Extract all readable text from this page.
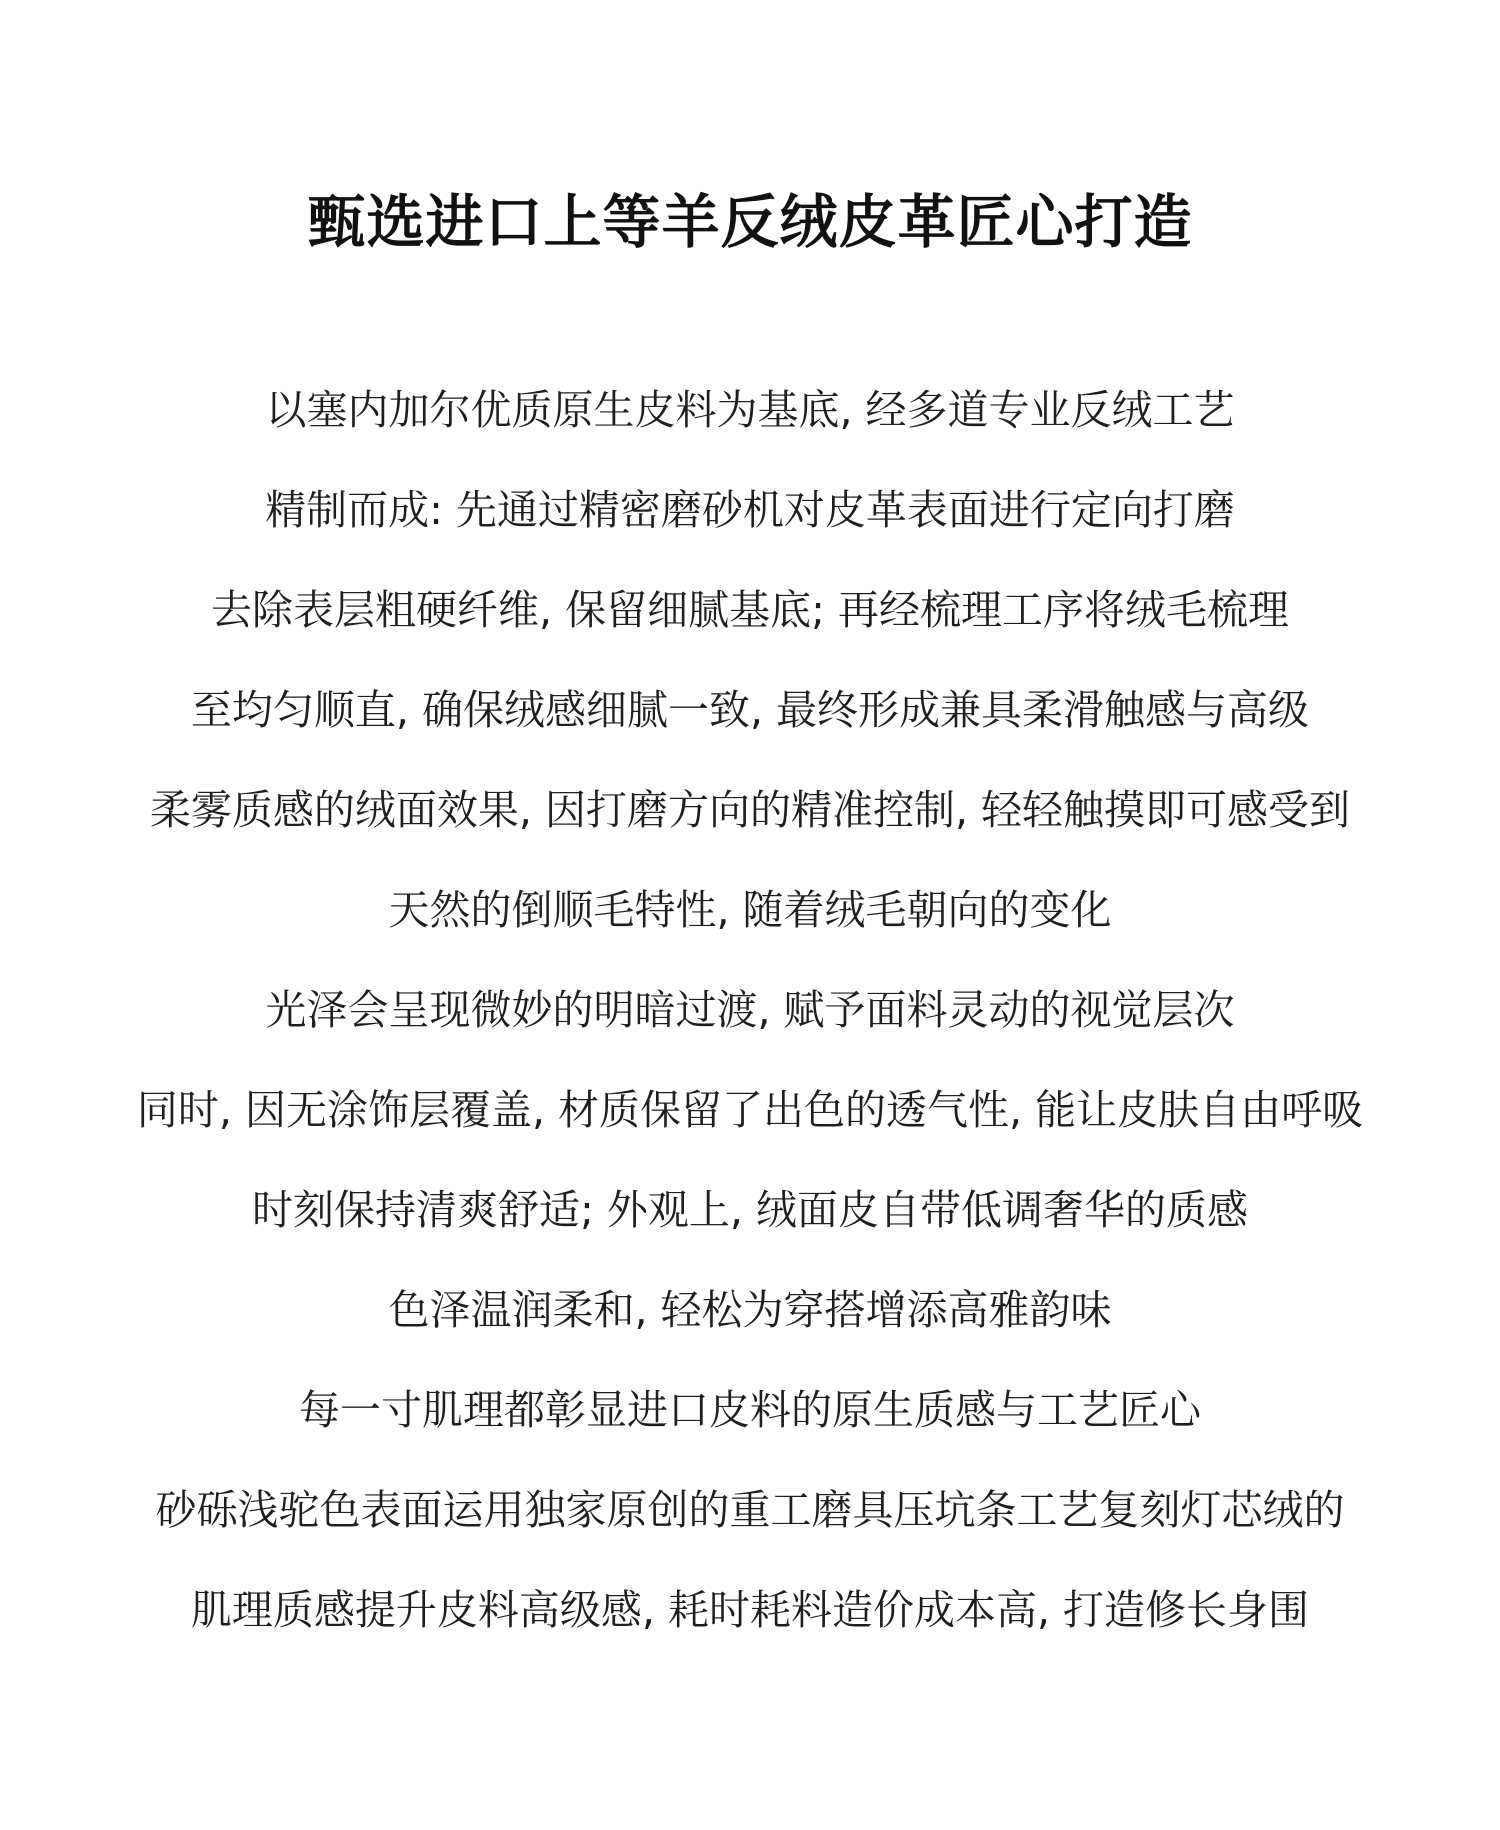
甄选进口上等羊反绒皮革匠心打造
以塞内加尔优质原生皮料为基底, 经多道专业反绒工艺
精制而成: 先通过精密磨砂机对皮革表面进行定向打磨
去除表层粗硬纤维, 保留细腻基底; 再经梳理工序将绒毛梳理
至均匀顺直, 确保绒感细腻一致, 最终形成兼具柔滑触感与高级
柔雾质感的绒面效果, 因打磨方向的精准控制, 轻轻触摸即可感受到
天然的倒顺毛特性, 随着绒毛朝向的变化
光泽会呈现微妙的明暗过渡, 赋予面料灵动的视觉层次
同时, 因无涂饰层覆盖, 材质保留了出色的透气性, 能让皮肤自由呼吸
时刻保持清爽舒适; 外观上, 绒面皮自带低调奢华的质感
色泽温润柔和, 轻松为穿搭增添高雅韵味
每一寸肌理都彰显进口皮料的原生质感与工艺匠心
砂砾浅驼色表面运用独家原创的重工磨具压坑条工艺复刻灯芯绒的
肌理质感提升皮料高级感, 耗时耗料造价成本高, 打造修长身围
